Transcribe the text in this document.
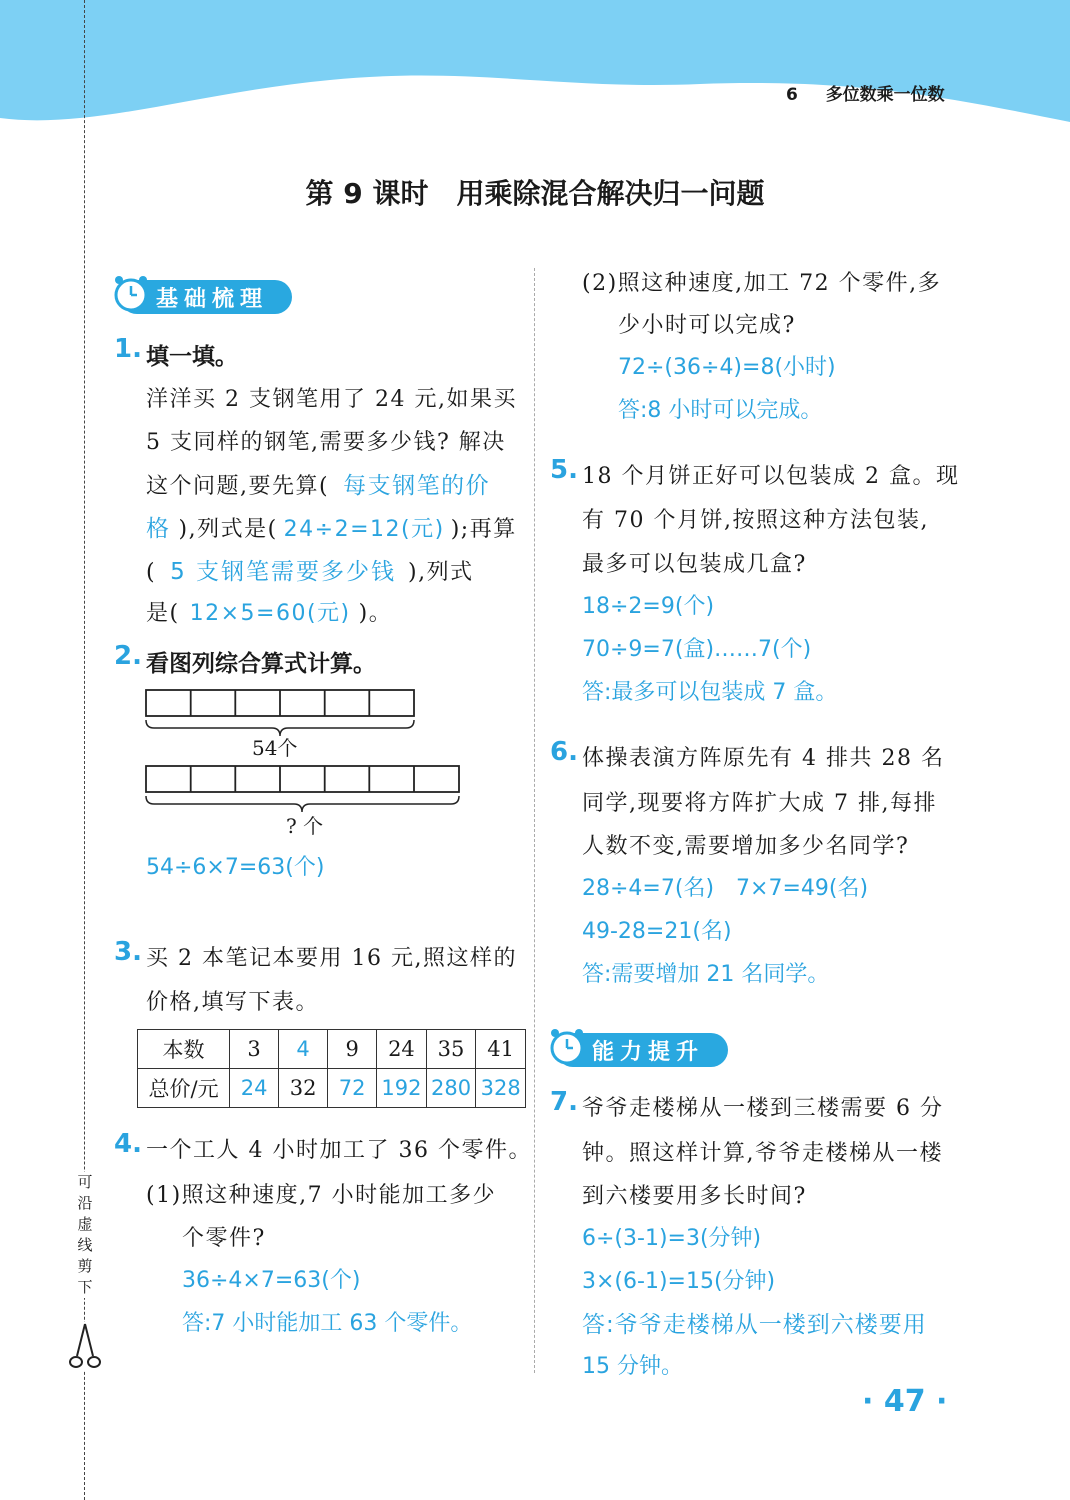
6 多位数乘一位数
可
沿
虚
线
剪
下
第 9 课时　用乘除混合解决归一问题
基础梳理
1. 填一填。
洋洋买 2 支钢笔用了 24 元,如果买
5 支同样的钢笔,需要多少钱? 解决
这个问题,要先算( 每支钢笔的价
格 ),列式是( 24÷2=12(元) );再算
( 5 支钢笔需要多少钱 ),列式
是( 12×5=60(元) )。
2. 看图列综合算式计算。
54个
? 个
54÷6×7=63(个)
3. 买 2 本笔记本要用 16 元,照这样的
价格,填写下表。
本数	3	4	9	24	35	41
总价/元	24	32	72	192	280	328
4. 一个工人 4 小时加工了 36 个零件。
(1)照这种速度,7 小时能加工多少
个零件?
36÷4×7=63(个)
答:7 小时能加工 63 个零件。
(2)照这种速度,加工 72 个零件,多
少小时可以完成?
72÷(36÷4)=8(小时)
答:8 小时可以完成。
5. 18 个月饼正好可以包装成 2 盒。现
有 70 个月饼,按照这种方法包装,
最多可以包装成几盒?
18÷2=9(个)
70÷9=7(盒)……7(个)
答:最多可以包装成 7 盒。
6. 体操表演方阵原先有 4 排共 28 名
同学,现要将方阵扩大成 7 排,每排
人数不变,需要增加多少名同学?
28÷4=7(名)　7×7=49(名)
49-28=21(名)
答:需要增加 21 名同学。
能力提升
7. 爷爷走楼梯从一楼到三楼需要 6 分
钟。照这样计算,爷爷走楼梯从一楼
到六楼要用多长时间?
6÷(3-1)=3(分钟)
3×(6-1)=15(分钟)
答:爷爷走楼梯从一楼到六楼要用
15 分钟。
· 47 ·
